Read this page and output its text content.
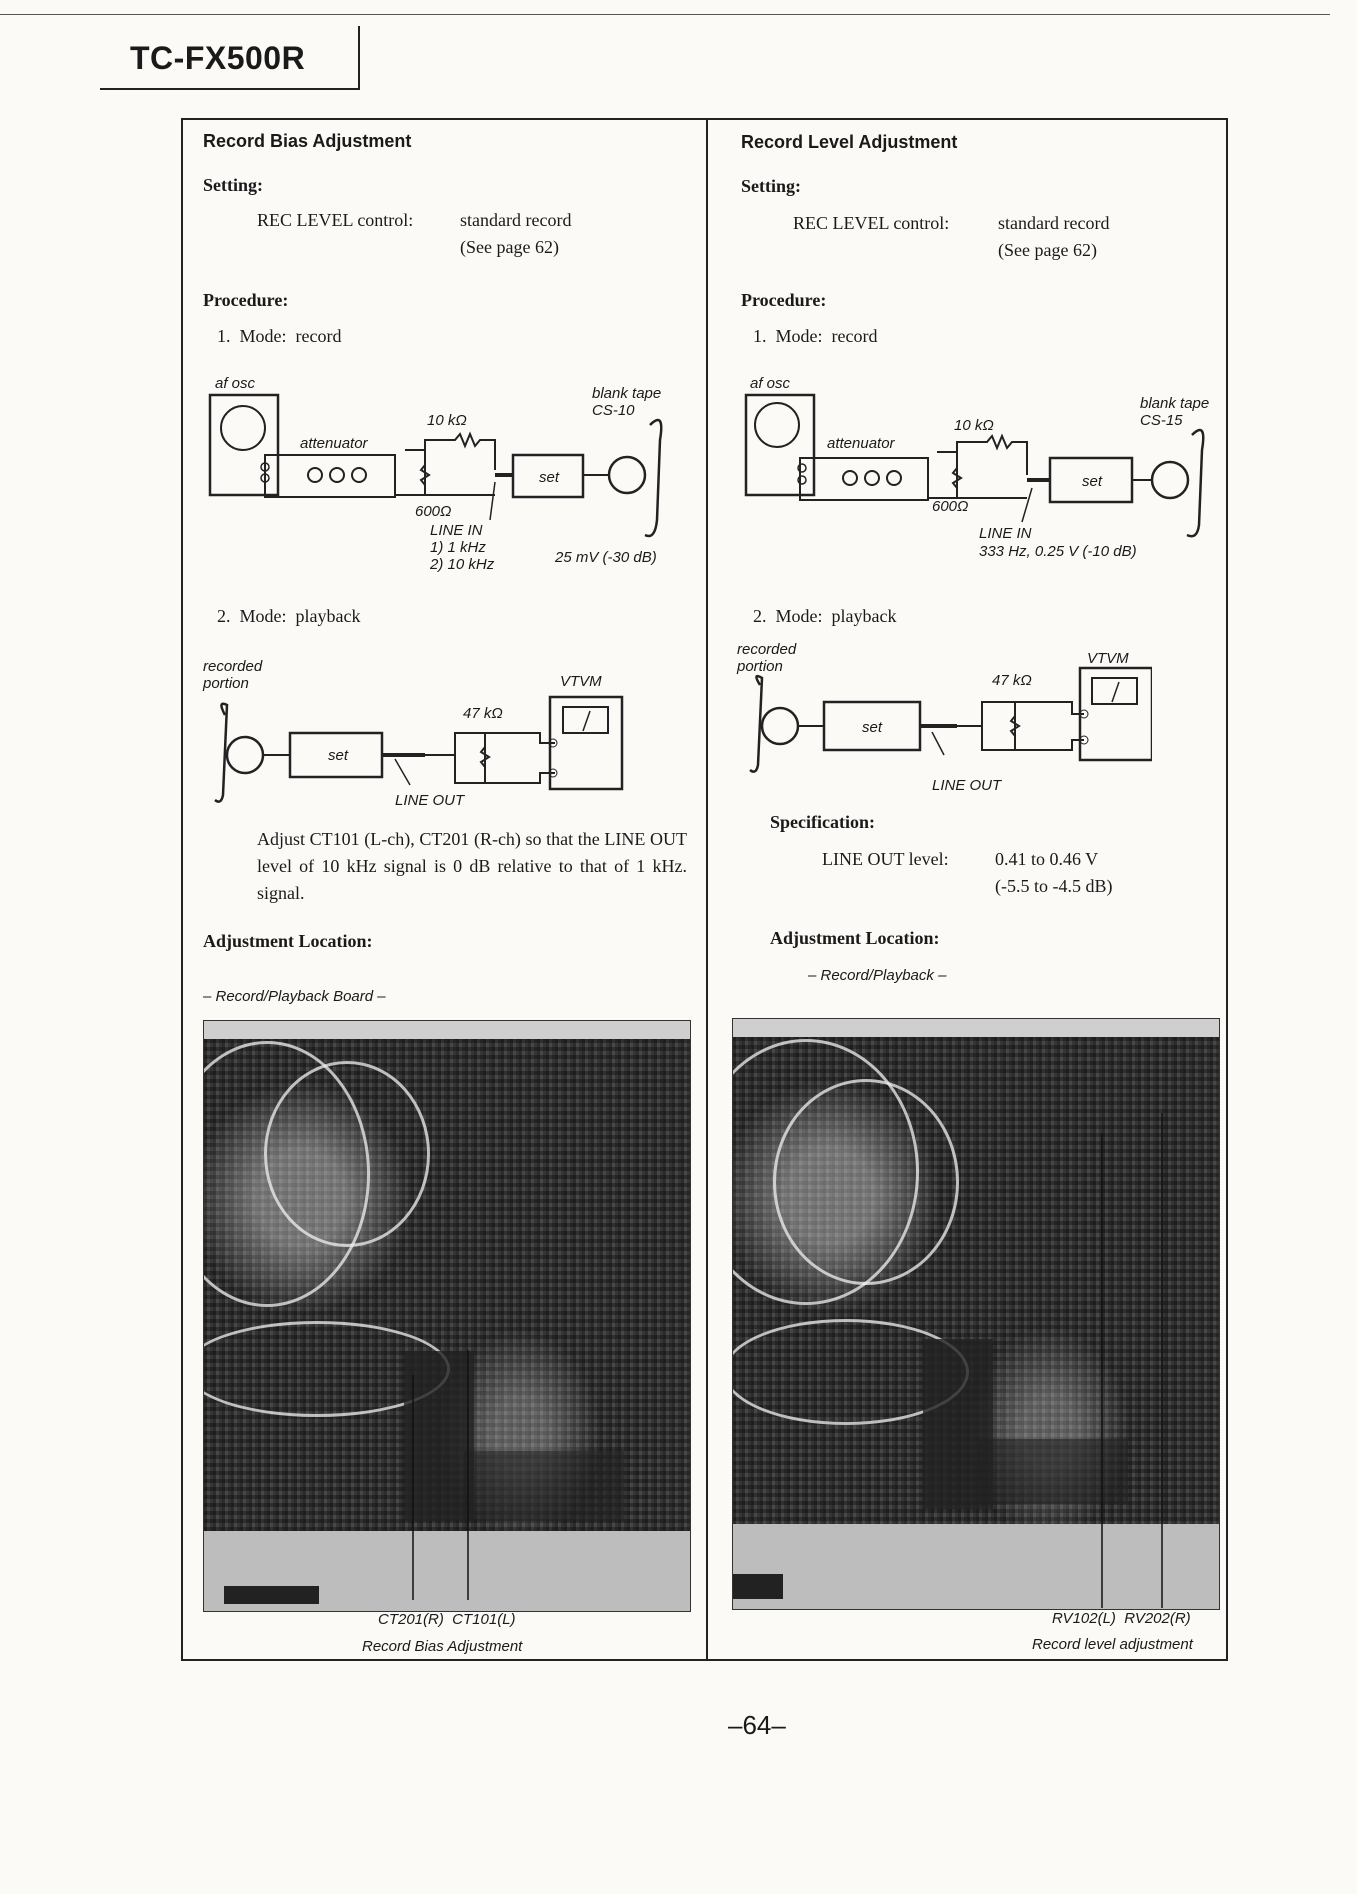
TC-FX500R
Record Bias Adjustment
Setting:
REC LEVEL control:	standard record
(See page 62)
Procedure:
1.  Mode:  record
af osc
attenuator
10 kΩ
600Ω
set
blank tape
CS-10
LINE IN
1) 1 kHz
2) 10 kHz	25 mV (-30 dB)
2.  Mode:  playback
recorded
portion	VTVM
set
47 kΩ
LINE OUT
Adjust CT101 (L-ch), CT201 (R-ch) so that the LINE OUT level of 10 kHz signal is 0 dB relative to that of 1 kHz. signal.
Adjustment Location:
– Record/Playback Board –
CT201(R)  CT101(L)
Record Bias Adjustment
Record Level Adjustment
Setting:
REC LEVEL control:	standard record
(See page 62)
Procedure:
1.  Mode:  record
af osc
attenuator
10 kΩ
600Ω
set
blank tape
CS-15
LINE IN
333 Hz, 0.25 V (-10 dB)
2.  Mode:  playback
recorded
portion	VTVM
set
47 kΩ
LINE OUT
Specification:
LINE OUT level:	0.41 to 0.46 V
(-5.5 to -4.5 dB)
Adjustment Location:
– Record/Playback –
RV102(L)  RV202(R)
Record level adjustment
–64–
